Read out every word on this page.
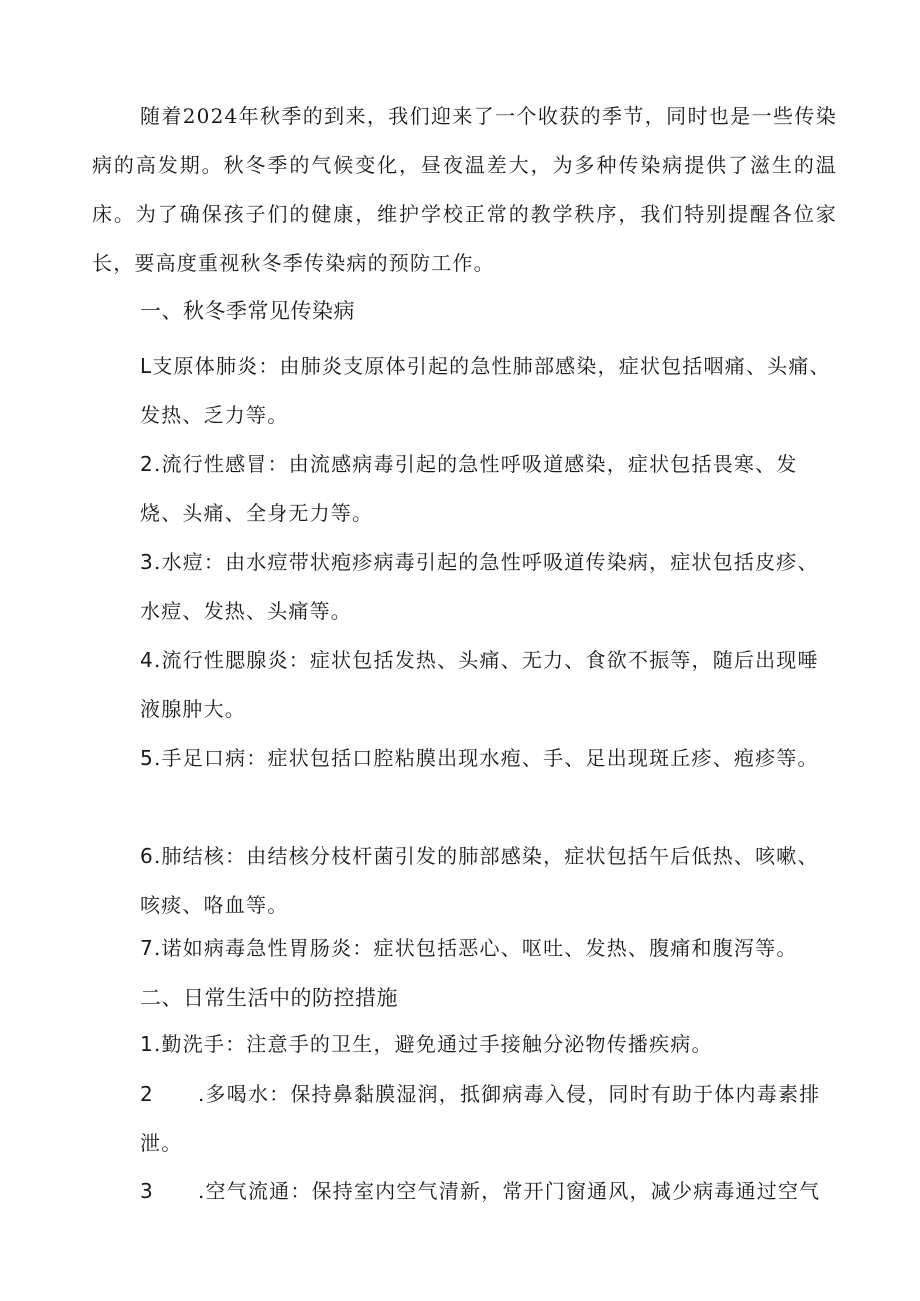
随着2024年秋季的到来，我们迎来了一个收获的季节，同时也是一些传染病的高发期。秋冬季的气候变化，昼夜温差大，为多种传染病提供了滋生的温床。为了确保孩子们的健康，维护学校正常的教学秩序，我们特别提醒各位家长，要高度重视秋冬季传染病的预防工作。

一、秋冬季常见传染病

L支原体肺炎：由肺炎支原体引起的急性肺部感染，症状包括咽痛、头痛、发热、乏力等。

2.流行性感冒：由流感病毒引起的急性呼吸道感染，症状包括畏寒、发烧、头痛、全身无力等。

3.水痘：由水痘带状疱疹病毒引起的急性呼吸道传染病，症状包括皮疹、水痘、发热、头痛等。

4.流行性腮腺炎：症状包括发热、头痛、无力、食欲不振等，随后出现唾液腺肿大。

5.手足口病：症状包括口腔粘膜出现水疱、手、足出现斑丘疹、疱疹等。

6.肺结核：由结核分枝杆菌引发的肺部感染，症状包括午后低热、咳嗽、咳痰、咯血等。

7.诺如病毒急性胃肠炎：症状包括恶心、呕吐、发热、腹痛和腹泻等。

二、日常生活中的防控措施

1.勤洗手：注意手的卫生，避免通过手接触分泌物传播疾病。

2 .多喝水：保持鼻黏膜湿润，抵御病毒入侵，同时有助于体内毒素排泄。

3 .空气流通：保持室内空气清新，常开门窗通风，减少病毒通过空气
